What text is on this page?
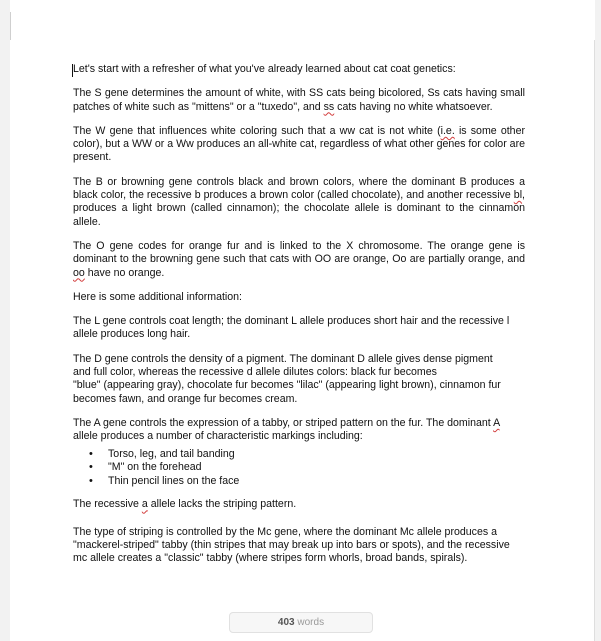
Let's start with a refresher of what you've already learned about cat coat genetics:

The S gene determines the amount of white, with SS cats being bicolored, Ss cats having small patches of white such as "mittens" or a "tuxedo", and ss cats having no white whatsoever.

The W gene that influences white coloring such that a ww cat is not white (i.e. is some other color), but a WW or a Ww produces an all-white cat, regardless of what other genes for color are present.

The B or browning gene controls black and brown colors, where the dominant B produces a black color, the recessive b produces a brown color (called chocolate), and another recessive bl, produces a light brown (called cinnamon); the chocolate allele is dominant to the cinnamon allele.

The O gene codes for orange fur and is linked to the X chromosome. The orange gene is dominant to the browning gene such that cats with OO are orange, Oo are partially orange, and oo have no orange.

Here is some additional information:

The L gene controls coat length; the dominant L allele produces short hair and the recessive l allele produces long hair.

The D gene controls the density of a pigment. The dominant D allele gives dense pigment
and full color, whereas the recessive d allele dilutes colors: black fur becomes
"blue" (appearing gray), chocolate fur becomes "lilac" (appearing light brown), cinnamon fur becomes fawn, and orange fur becomes cream.

The A gene controls the expression of a tabby, or striped pattern on the fur. The dominant A allele produces a number of characteristic markings including:

• Torso, leg, and tail banding
• "M" on the forehead
• Thin pencil lines on the face

The recessive a allele lacks the striping pattern.

The type of striping is controlled by the Mc gene, where the dominant Mc allele produces a "mackerel-striped" tabby (thin stripes that may break up into bars or spots), and the recessive mc allele creates a "classic" tabby (where stripes form whorls, broad bands, spirals).

403 words
